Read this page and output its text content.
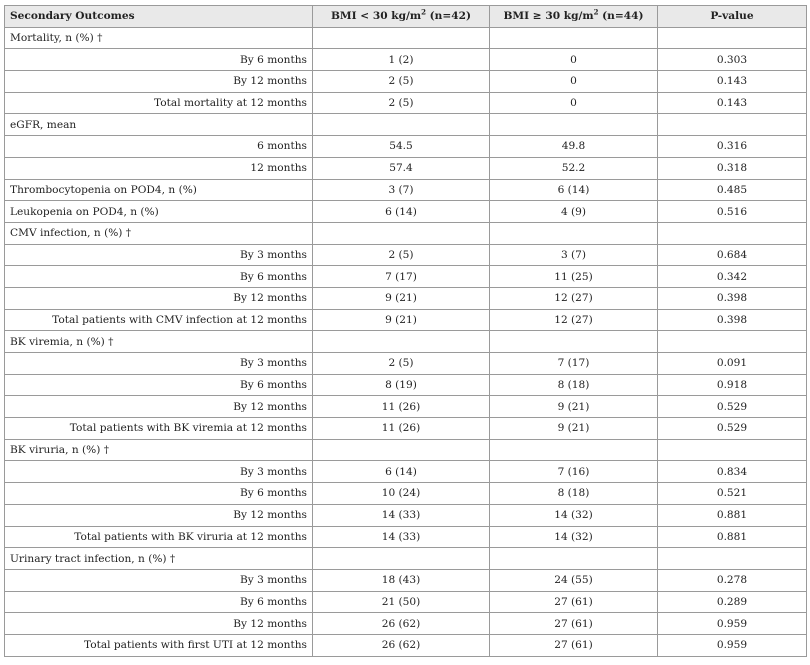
Secondary Outcomes	BMI < 30 $kg/m^2$ (n=42)	BMI ≥ 30 $kg/m^2$ (n=44)	P-value
Mortality, n (%) †			
By 6 months	1 (2)	0	0.303
By 12 months	2 (5)	0	0.143
Total mortality at 12 months	2 (5)	0	0.143
eGFR, mean			
6 months	54.5	49.8	0.316
12 months	57.4	52.2	0.318
Thrombocytopenia on POD4, n (%)	3 (7)	6 (14)	0.485
Leukopenia on POD4, n (%)	6 (14)	4 (9)	0.516
CMV infection, n (%) †			
By 3 months	2 (5)	3 (7)	0.684
By 6 months	7 (17)	11 (25)	0.342
By 12 months	9 (21)	12 (27)	0.398
Total patients with CMV infection at 12 months	9 (21)	12 (27)	0.398
BK viremia, n (%) †			
By 3 months	2 (5)	7 (17)	0.091
By 6 months	8 (19)	8 (18)	0.918
By 12 months	11 (26)	9 (21)	0.529
Total patients with BK viremia at 12 months	11 (26)	9 (21)	0.529
BK viruria, n (%) †			
By 3 months	6 (14)	7 (16)	0.834
By 6 months	10 (24)	8 (18)	0.521
By 12 months	14 (33)	14 (32)	0.881
Total patients with BK viruria at 12 months	14 (33)	14 (32)	0.881
Urinary tract infection, n (%) †			
By 3 months	18 (43)	24 (55)	0.278
By 6 months	21 (50)	27 (61)	0.289
By 12 months	26 (62)	27 (61)	0.959
Total patients with first UTI at 12 months	26 (62)	27 (61)	0.959
